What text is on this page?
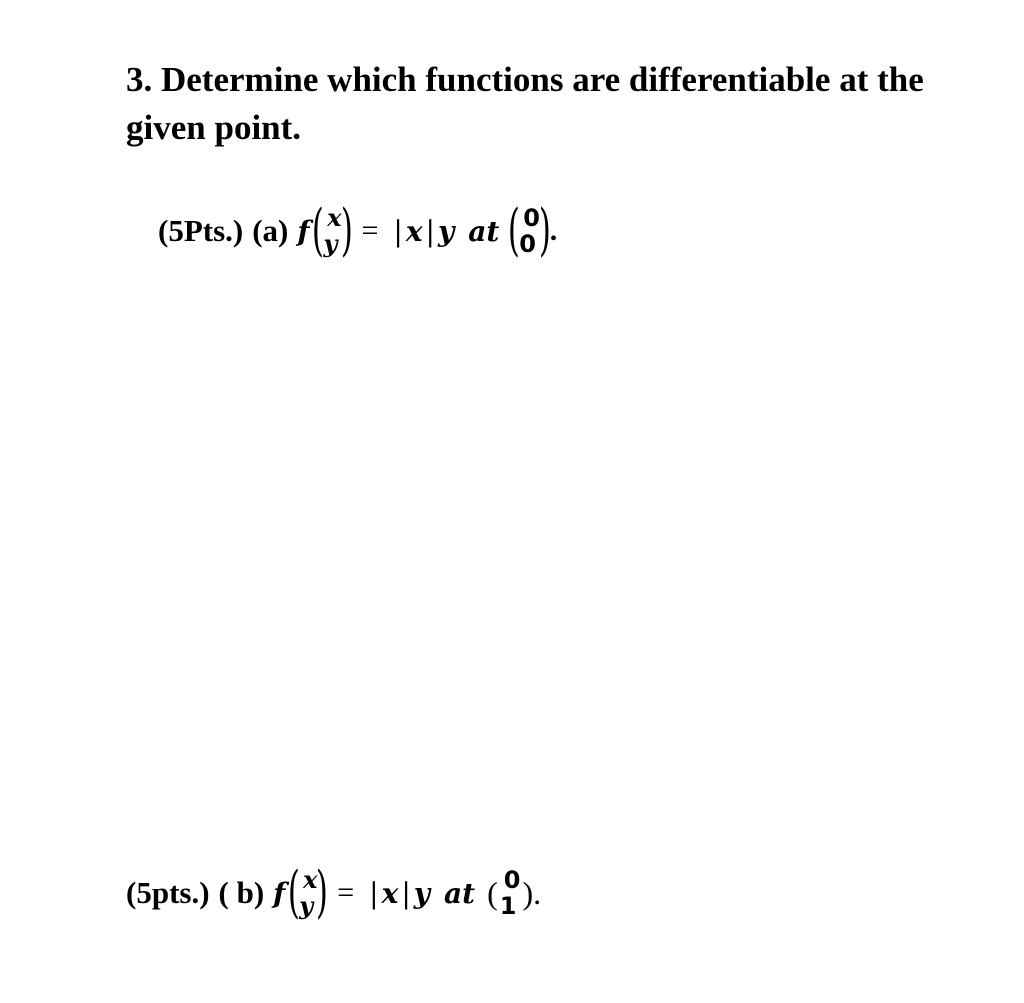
3. Determine which functions are differentiable at the given point.

(5Pts.) (a) f ( x
y ) = | x | y at ( 0
0 )
.
(5pts.) ( b) f ( x
y ) = | x | y at ( 0
1 ).
